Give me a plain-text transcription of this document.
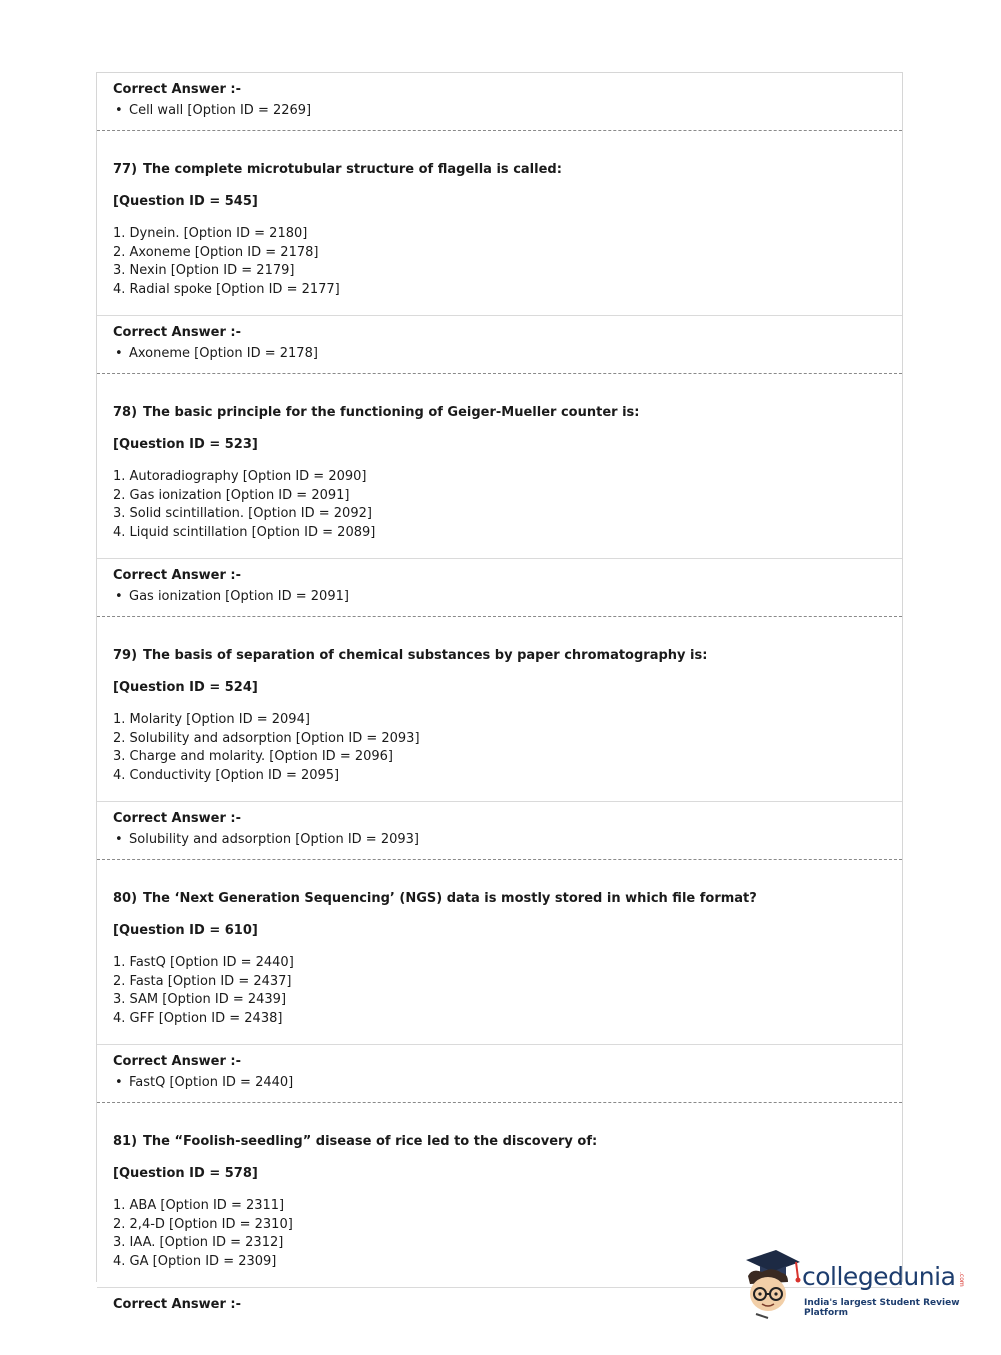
Correct Answer :-
• Cell wall [Option ID = 2269]

77) The complete microtubular structure of flagella is called:

[Question ID = 545]
1. Dynein. [Option ID = 2180]
2. Axoneme [Option ID = 2178]
3. Nexin [Option ID = 2179]
4. Radial spoke [Option ID = 2177]
Correct Answer :-
• Axoneme [Option ID = 2178]

78) The basic principle for the functioning of Geiger-Mueller counter is:

[Question ID = 523]
1. Autoradiography [Option ID = 2090]
2. Gas ionization [Option ID = 2091]
3. Solid scintillation. [Option ID = 2092]
4. Liquid scintillation [Option ID = 2089]
Correct Answer :-
• Gas ionization [Option ID = 2091]

79) The basis of separation of chemical substances by paper chromatography is:

[Question ID = 524]
1. Molarity [Option ID = 2094]
2. Solubility and adsorption [Option ID = 2093]
3. Charge and molarity. [Option ID = 2096]
4. Conductivity [Option ID = 2095]
Correct Answer :-
• Solubility and adsorption [Option ID = 2093]

80) The ‘Next Generation Sequencing’ (NGS) data is mostly stored in which file format?

[Question ID = 610]
1. FastQ [Option ID = 2440]
2. Fasta [Option ID = 2437]
3. SAM [Option ID = 2439]
4. GFF [Option ID = 2438]
Correct Answer :-
• FastQ [Option ID = 2440]

81) The “Foolish-seedling” disease of rice led to the discovery of:

[Question ID = 578]
1. ABA [Option ID = 2311]
2. 2,4-D [Option ID = 2310]
3. IAA. [Option ID = 2312]
4. GA [Option ID = 2309]
Correct Answer :-
collegedunia .com
India's largest Student Review Platform
